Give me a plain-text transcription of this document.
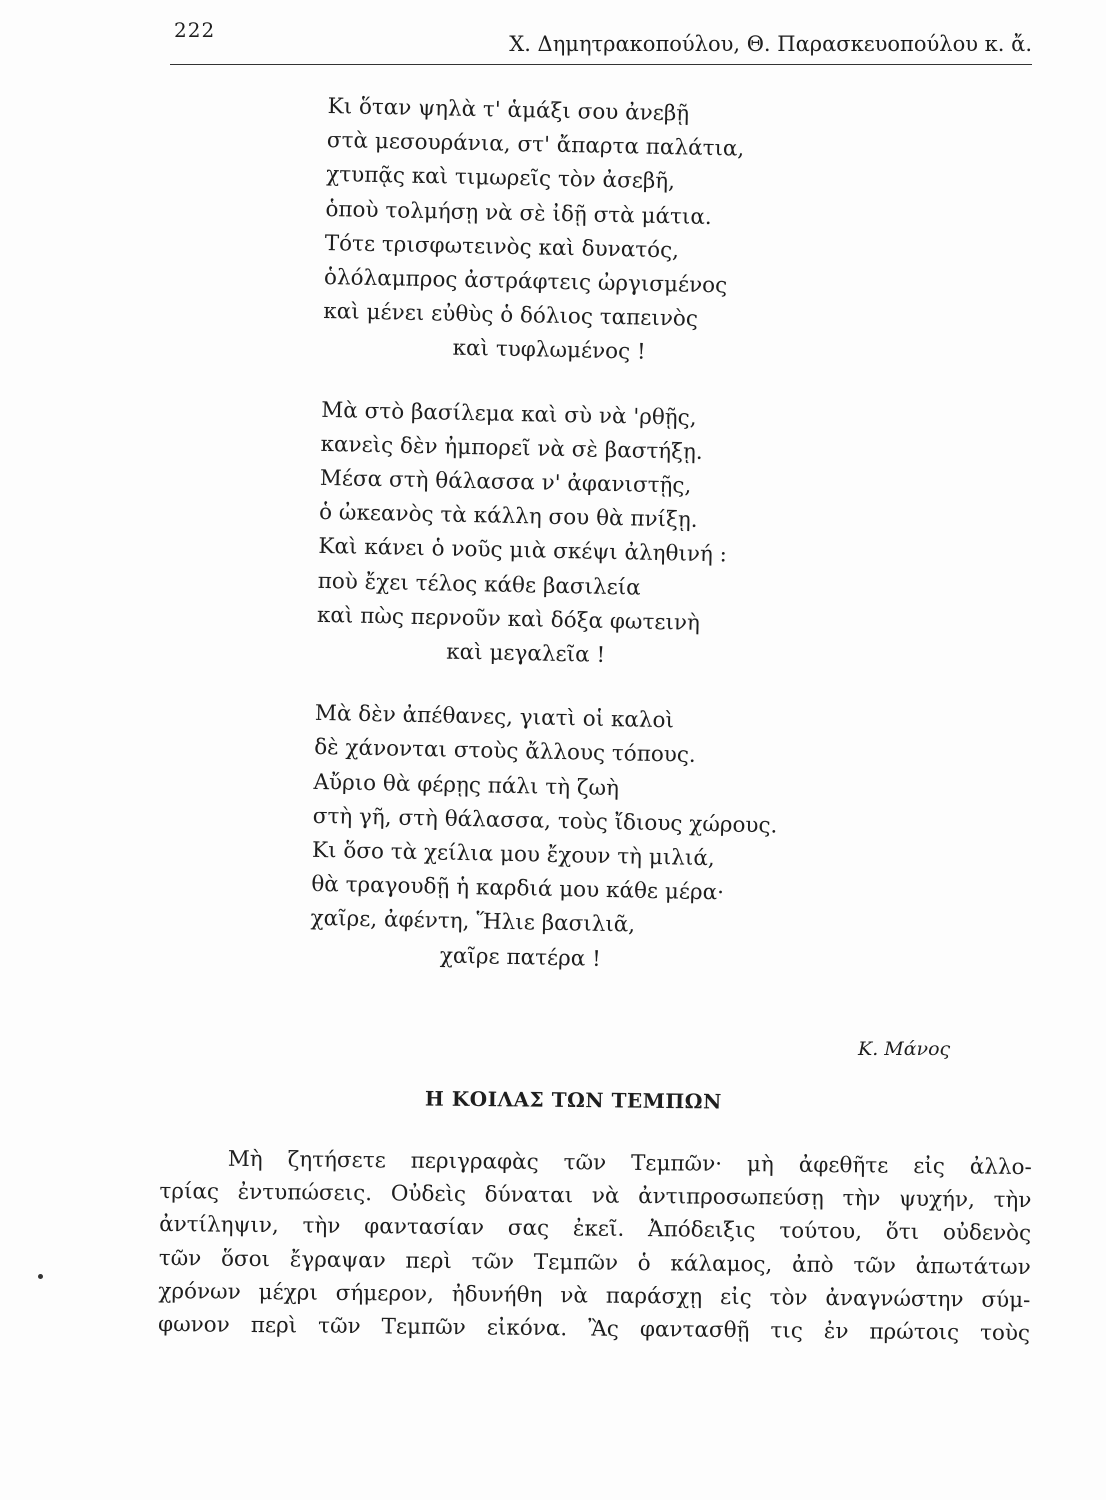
222
Χ. Δημητρακοπούλου, Θ. Παρασκευοπούλου κ. ἄ.
Κι ὅταν ψηλὰ τ' ἁμάξι σου ἀνεβῇ
στὰ μεσουράνια, στ' ἄπαρτα παλάτια,
χτυπᾷς καὶ τιμωρεῖς τὸν ἀσεβῆ,
ὁποὺ τολμήσῃ νὰ σὲ ἰδῇ στὰ μάτια.
Τότε τρισφωτεινὸς καὶ δυνατός,
ὁλόλαμπρος ἀστράφτεις ὠργισμένος
καὶ μένει εὐθὺς ὁ δόλιος ταπεινὸς
καὶ τυφλωμένος !
Μὰ στὸ βασίλεμα καὶ σὺ νὰ 'ρθῇς,
κανεὶς δὲν ἠμπορεῖ νὰ σὲ βαστήξῃ.
Μέσα στὴ θάλασσα ν' ἀφανιστῇς,
ὁ ὠκεανὸς τὰ κάλλη σου θὰ πνίξῃ.
Καὶ κάνει ὁ νοῦς μιὰ σκέψι ἀληθινή :
ποὺ ἔχει τέλος κάθε βασιλεία
καὶ πὼς περνοῦν καὶ δόξα φωτεινὴ
καὶ μεγαλεῖα !
Μὰ δὲν ἀπέθανες, γιατὶ οἱ καλοὶ
δὲ χάνονται στοὺς ἄλλους τόπους.
Αὔριο θὰ φέρῃς πάλι τὴ ζωὴ
στὴ γῆ, στὴ θάλασσα, τοὺς ἴδιους χώρους.
Κι ὅσο τὰ χείλια μου ἔχουν τὴ μιλιά,
θὰ τραγουδῇ ἡ καρδιά μου κάθε μέρα·
χαῖρε, ἀφέντη, Ἥλιε βασιλιᾶ,
χαῖρε πατέρα !
Κ. Μάνος
Η ΚΟΙΛΑΣ ΤΩΝ ΤΕΜΠΩΝ
Μὴ ζητήσετε περιγραφὰς τῶν Τεμπῶν· μὴ ἀφεθῆτε εἰς ἀλλο-
τρίας ἐντυπώσεις. Οὐδεὶς δύναται νὰ ἀντιπροσωπεύσῃ τὴν ψυχήν, τὴν
ἀντίληψιν, τὴν φαντασίαν σας ἐκεῖ. Ἀπόδειξις τούτου, ὅτι οὐδενὸς
τῶν ὅσοι ἔγραψαν περὶ τῶν Τεμπῶν ὁ κάλαμος, ἀπὸ τῶν ἀπωτάτων
χρόνων μέχρι σήμερον, ἠδυνήθη νὰ παράσχῃ εἰς τὸν ἀναγνώστην σύμ-
φωνον περὶ τῶν Τεμπῶν εἰκόνα. Ἂς φαντασθῇ τις ἐν πρώτοις τοὺς
